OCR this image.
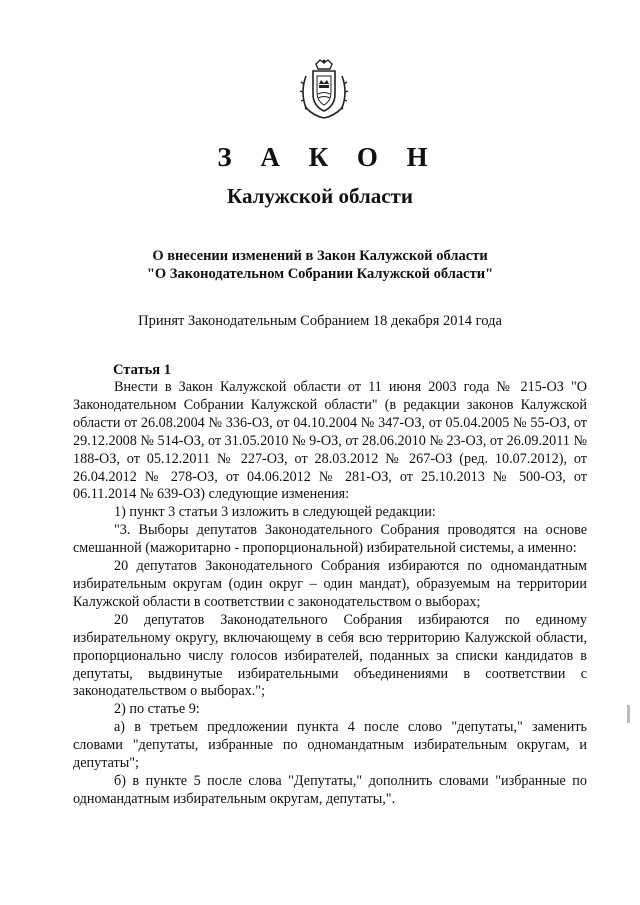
З А К О Н
Калужской области
О внесении изменений в Закон Калужской области
"О Законодательном Собрании Калужской области"
Принят Законодательным Собранием 18 декабря 2014 года
Статья 1

Внести в Закон Калужской области от 11 июня 2003 года № 215-ОЗ "О Законодательном Собрании Калужской области" (в редакции законов Калужской области от 26.08.2004 № 336-ОЗ, от 04.10.2004 № 347-ОЗ, от 05.04.2005 № 55-ОЗ, от 29.12.2008 № 514-ОЗ, от 31.05.2010 № 9-ОЗ, от 28.06.2010 № 23-ОЗ, от 26.09.2011 № 188-ОЗ, от 05.12.2011 № 227-ОЗ, от 28.03.2012 № 267-ОЗ (ред. 10.07.2012), от 26.04.2012 № 278-ОЗ, от 04.06.2012 № 281-ОЗ, от 25.10.2013 № 500-ОЗ, от 06.11.2014 № 639-ОЗ) следующие изменения:

1) пункт 3 статьи 3 изложить в следующей редакции:

"3. Выборы депутатов Законодательного Собрания проводятся на основе смешанной (мажоритарно - пропорциональной) избирательной системы, а именно:

20 депутатов Законодательного Собрания избираются по одномандатным избирательным округам (один округ – один мандат), образуемым на территории Калужской области в соответствии с законодательством о выборах;

20 депутатов Законодательного Собрания избираются по единому избирательному округу, включающему в себя всю территорию Калужской области, пропорционально числу голосов избирателей, поданных за списки кандидатов в депутаты, выдвинутые избирательными объединениями в соответствии с законодательством о выборах.";

2) по статье 9:

а) в третьем предложении пункта 4 после слово "депутаты," заменить словами "депутаты, избранные по одномандатным избирательным округам, и депутаты";

б) в пункте 5 после слова "Депутаты," дополнить словами "избранные по одномандатным избирательным округам, депутаты,".
